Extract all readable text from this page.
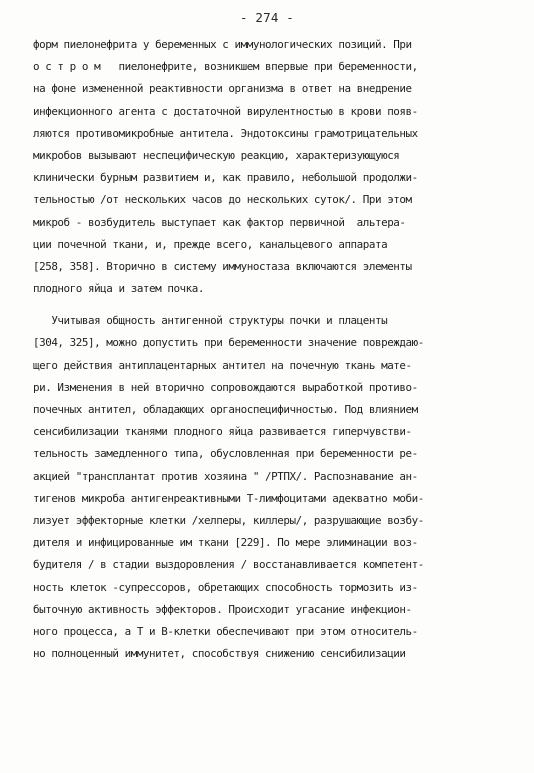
- 274 -
форм пиелонефрита у беременных с иммунологических позиций. При
о с т р о м   пиелонефрите, возникшем впервые при беременности,
на фоне измененной реактивности организма в ответ на внедрение
инфекционного агента с достаточной вирулентностью в крови появ-
ляются противомикробные антитела. Эндотоксины грамотрицательных
микробов вызывают неспецифическую реакцию, характеризующуюся
клинически бурным развитием и, как правило, небольшой продолжи-
тельностью /от нескольких часов до нескольких суток/. При этом
микроб - возбудитель выступает как фактор первичной  альтера-
ции почечной ткани, и, прежде всего, канальцевого аппарата
[258, 358]. Вторично в систему иммуностаза включаются элементы
плодного яйца и затем почка.
Учитывая общность антигенной структуры почки и плаценты
[304, 325], можно допустить при беременности значение повреждаю-
щего действия антиплацентарных антител на почечную ткань мате-
ри. Изменения в ней вторично сопровождаются выработкой противо-
почечных антител, обладающих органоспецифичностью. Под влиянием
сенсибилизации тканями плодного яйца развивается гиперчувстви-
тельность замедленного типа, обусловленная при беременности ре-
акцией "трансплантат против хозяина " /РТПХ/. Распознавание ан-
тигенов микроба антигенреактивными Т-лимфоцитами адекватно моби-
лизует эффекторные клетки /хелперы, киллеры/, разрушающие возбу-
дителя и инфицированные им ткани [229]. По мере элиминации воз-
будителя / в стадии выздоровления / восстанавливается компетент-
ность клеток -супрессоров, обретающих способность тормозить из-
быточную активность эффекторов. Происходит угасание инфекцион-
ного процесса, а Т и В-клетки обеспечивают при этом относитель-
но полноценный иммунитет, способствуя снижению сенсибилизации
